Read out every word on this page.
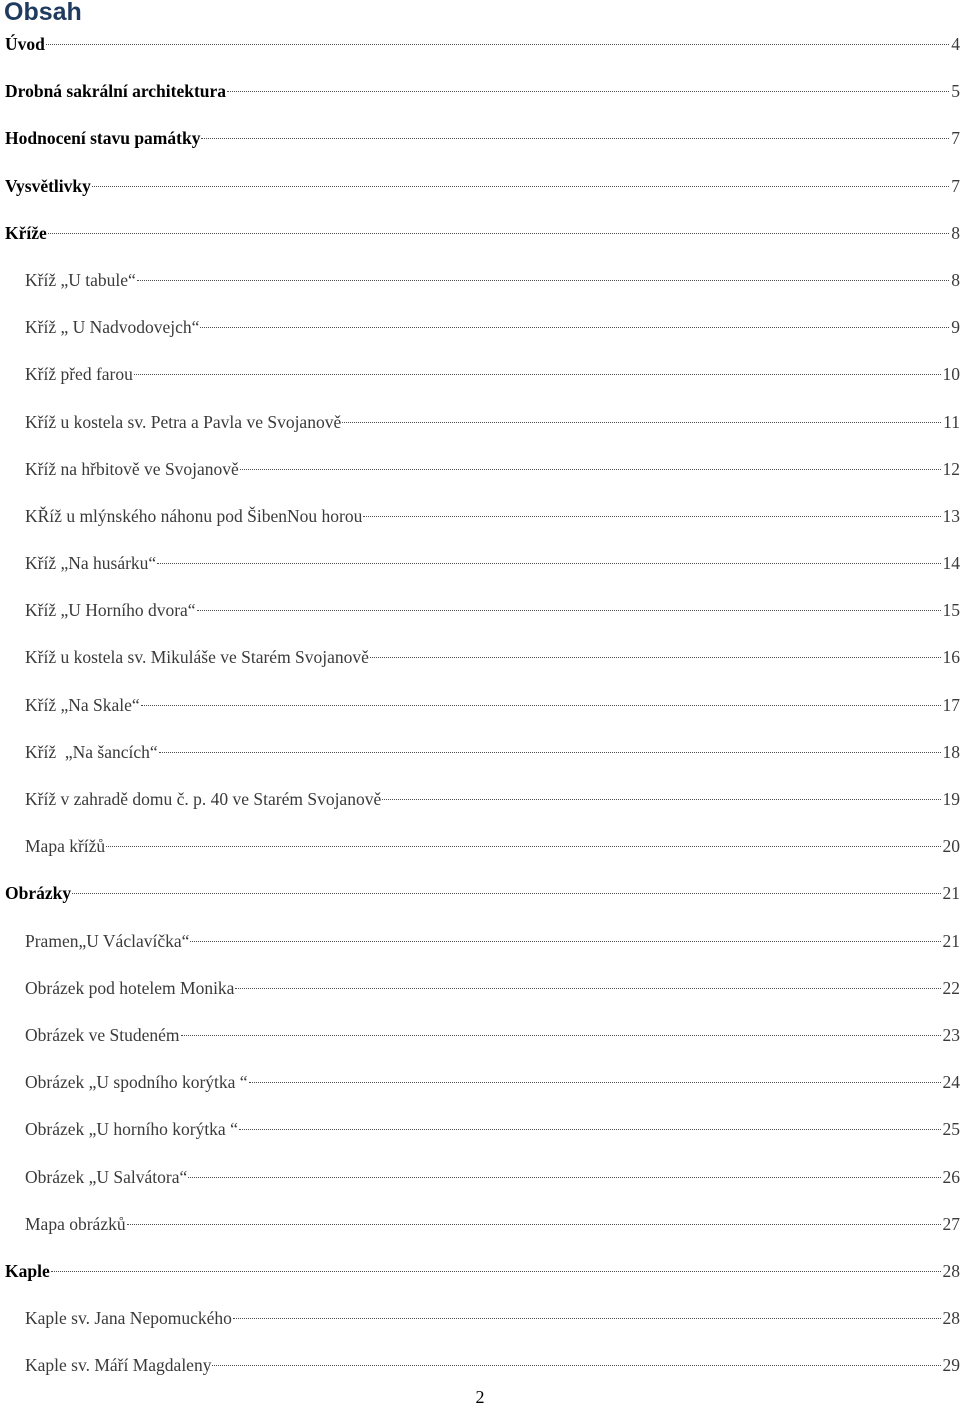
Obsah
Úvod	4
Drobná sakrální architektura	5
Hodnocení stavu památky	7
Vysvětlivky	7
Kříže	8
Kříž „U tabule“	8
Kříž „ U Nadvodovejch“	9
Kříž před farou	10
Kříž u kostela sv. Petra a Pavla ve Svojanově	11
Kříž na hřbitově ve Svojanově	12
KŘíž u mlýnského náhonu pod ŠibenNou horou	13
Kříž „Na husárku“	14
Kříž „U Horního dvora“	15
Kříž u kostela sv. Mikuláše ve Starém Svojanově	16
Kříž „Na Skale“	17
Kříž  „Na šancích“	18
Kříž v zahradě domu č. p. 40 ve Starém Svojanově	19
Mapa křížů	20
Obrázky	21
Pramen„U Václavíčka“	21
Obrázek pod hotelem Monika	22
Obrázek ve Studeném	23
Obrázek „U spodního korýtka “	24
Obrázek „U horního korýtka “	25
Obrázek „U Salvátora“	26
Mapa obrázků	27
Kaple	28
Kaple sv. Jana Nepomuckého	28
Kaple sv. Máří Magdaleny	29
2
